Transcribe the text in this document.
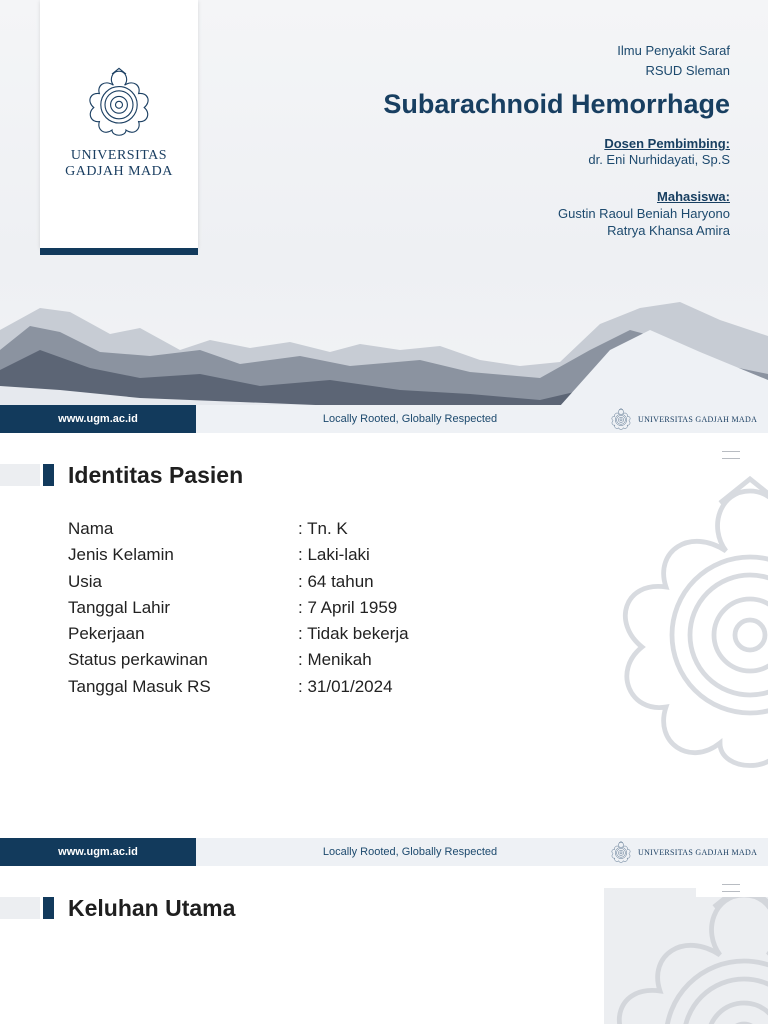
UNIVERSITAS
GADJAH MADA
Ilmu Penyakit Saraf
RSUD Sleman
Subarachnoid Hemorrhage
Dosen Pembimbing:
dr. Eni Nurhidayati, Sp.S
Mahasiswa:
Gustin Raoul Beniah Haryono
Ratrya Khansa Amira
www.ugm.ac.id	Locally Rooted, Globally Respected	UNIVERSITAS GADJAH MADA
Identitas Pasien
Nama	: Tn. K
Jenis Kelamin	: Laki-laki
Usia	: 64 tahun
Tanggal Lahir	: 7 April 1959
Pekerjaan	: Tidak bekerja
Status perkawinan	: Menikah
Tanggal Masuk RS	: 31/01/2024
www.ugm.ac.id	Locally Rooted, Globally Respected	UNIVERSITAS GADJAH MADA
Keluhan Utama
